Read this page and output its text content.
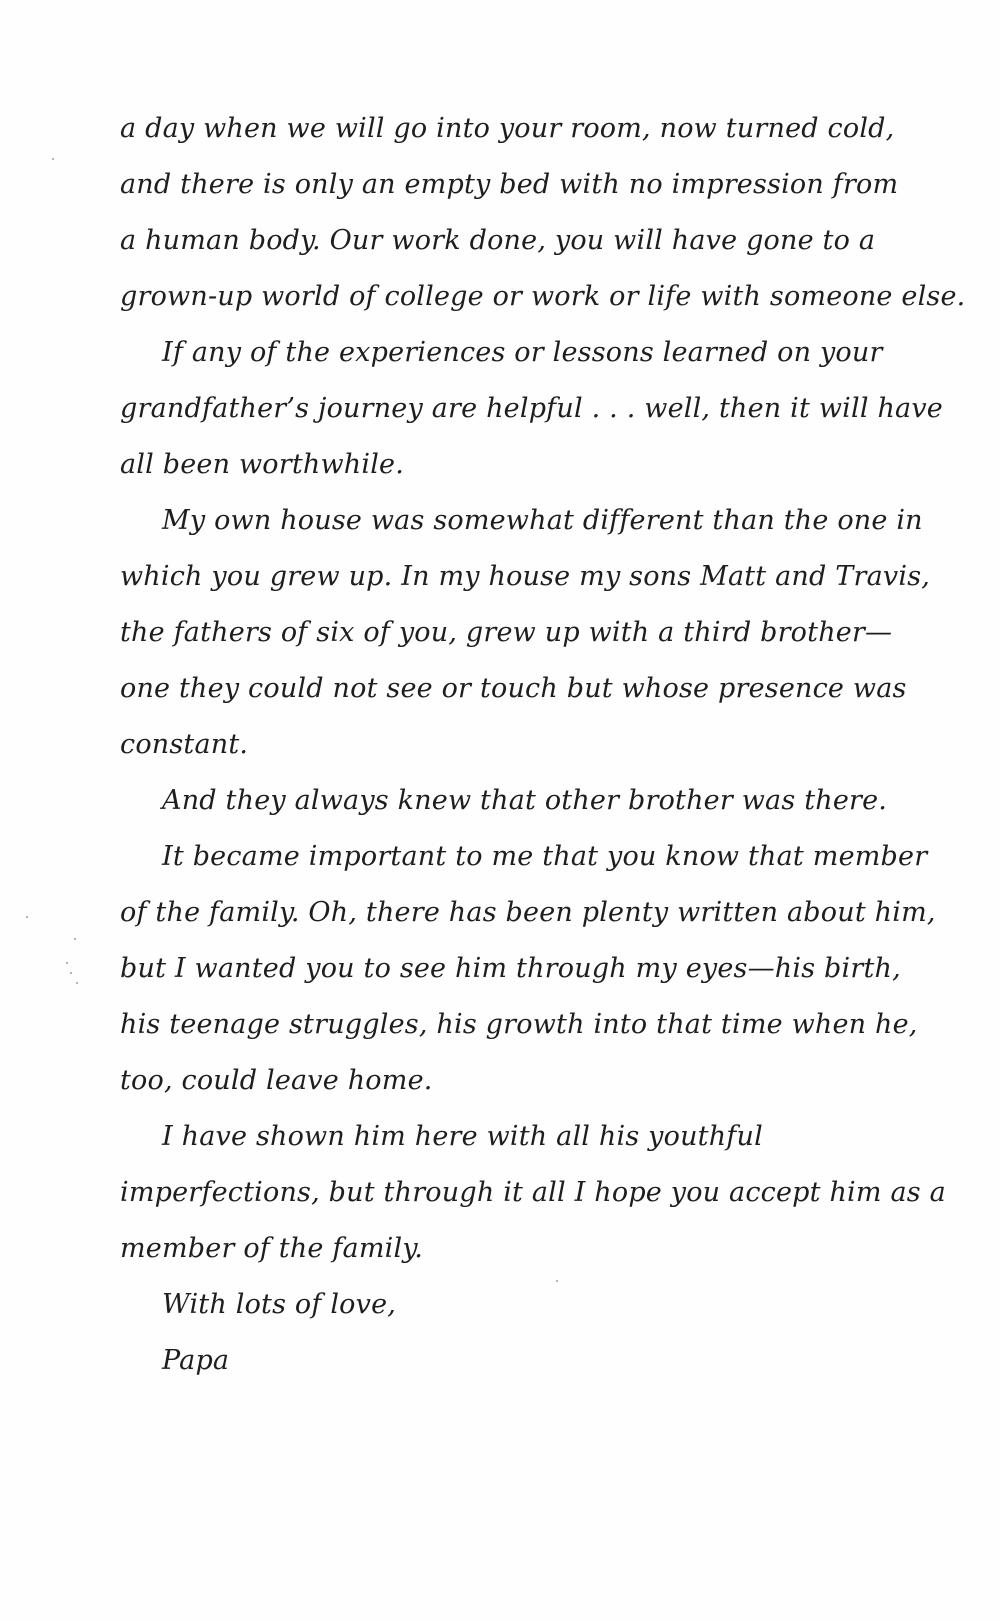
a day when we will go into your room, now turned cold,
and there is only an empty bed with no impression from
a human body. Our work done, you will have gone to a
grown-up world of college or work or life with someone else.
If any of the experiences or lessons learned on your
grandfather’s journey are helpful . . . well, then it will have
all been worthwhile.
My own house was somewhat different than the one in
which you grew up. In my house my sons Matt and Travis,
the fathers of six of you, grew up with a third brother—
one they could not see or touch but whose presence was
constant.
And they always knew that other brother was there.
It became important to me that you know that member
of the family. Oh, there has been plenty written about him,
but I wanted you to see him through my eyes—his birth,
his teenage struggles, his growth into that time when he,
too, could leave home.
I have shown him here with all his youthful
imperfections, but through it all I hope you accept him as a
member of the family.
With lots of love,
Papa
